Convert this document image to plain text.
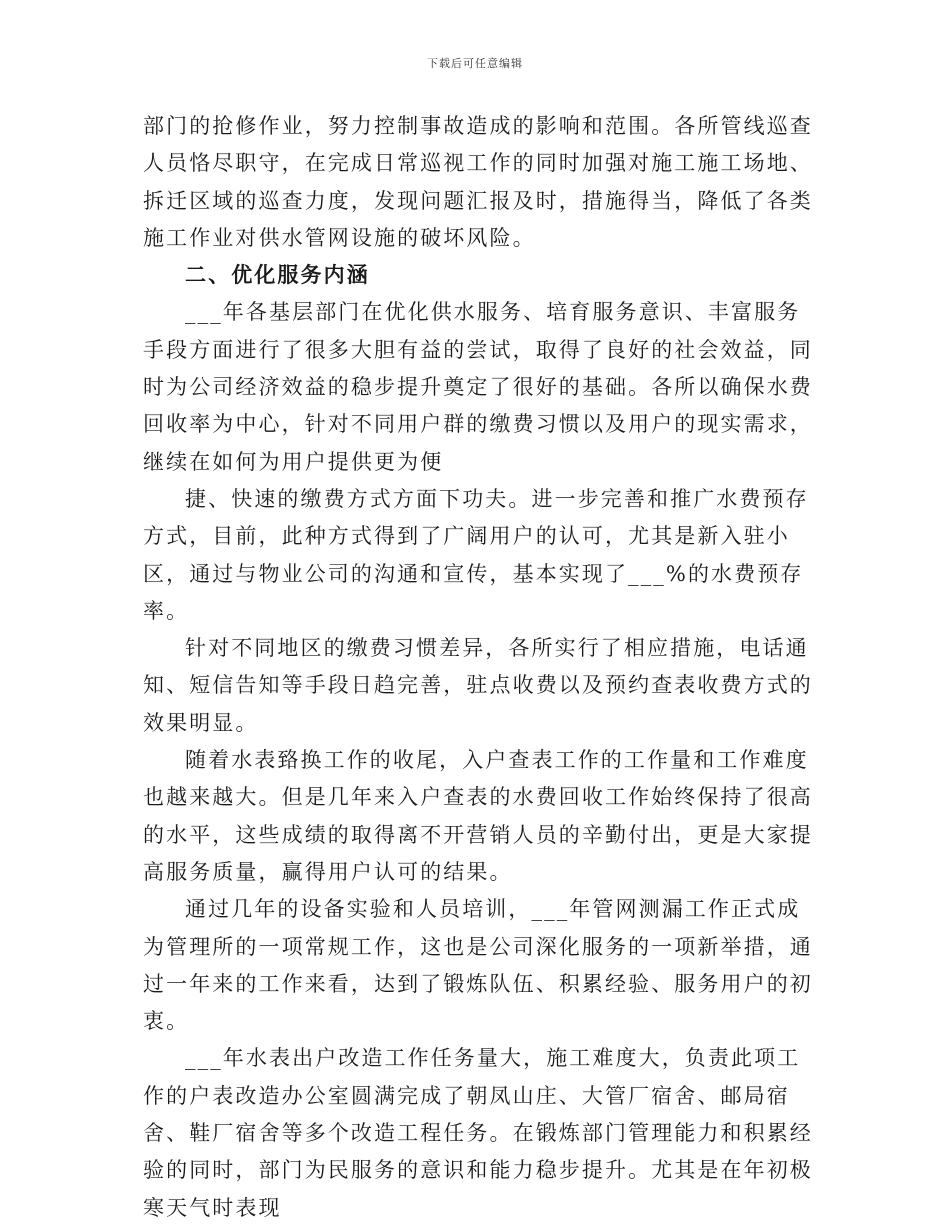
下载后可任意编辑

部门的抢修作业，努力控制事故造成的影响和范围。各所管线巡查人员恪尽职守，在完成日常巡视工作的同时加强对施工施工场地、拆迁区域的巡查力度，发现问题汇报及时，措施得当，降低了各类施工作业对供水管网设施的破坏风险。

二、优化服务内涵

___年各基层部门在优化供水服务、培育服务意识、丰富服务手段方面进行了很多大胆有益的尝试，取得了良好的社会效益，同时为公司经济效益的稳步提升奠定了很好的基础。各所以确保水费回收率为中心，针对不同用户群的缴费习惯以及用户的现实需求，继续在如何为用户提供更为便

捷、快速的缴费方式方面下功夫。进一步完善和推广水费预存方式，目前，此种方式得到了广阔用户的认可，尤其是新入驻小区，通过与物业公司的沟通和宣传，基本实现了___%的水费预存率。

针对不同地区的缴费习惯差异，各所实行了相应措施，电话通知、短信告知等手段日趋完善，驻点收费以及预约查表收费方式的效果明显。

随着水表臵换工作的收尾，入户查表工作的工作量和工作难度也越来越大。但是几年来入户查表的水费回收工作始终保持了很高的水平，这些成绩的取得离不开营销人员的辛勤付出，更是大家提高服务质量，赢得用户认可的结果。

通过几年的设备实验和人员培训，___年管网测漏工作正式成为管理所的一项常规工作，这也是公司深化服务的一项新举措，通过一年来的工作来看，达到了锻炼队伍、积累经验、服务用户的初衷。

___年水表出户改造工作任务量大，施工难度大，负责此项工作的户表改造办公室圆满完成了朝凤山庄、大管厂宿舍、邮局宿舍、鞋厂宿舍等多个改造工程任务。在锻炼部门管理能力和积累经验的同时，部门为民服务的意识和能力稳步提升。尤其是在年初极寒天气时表现
